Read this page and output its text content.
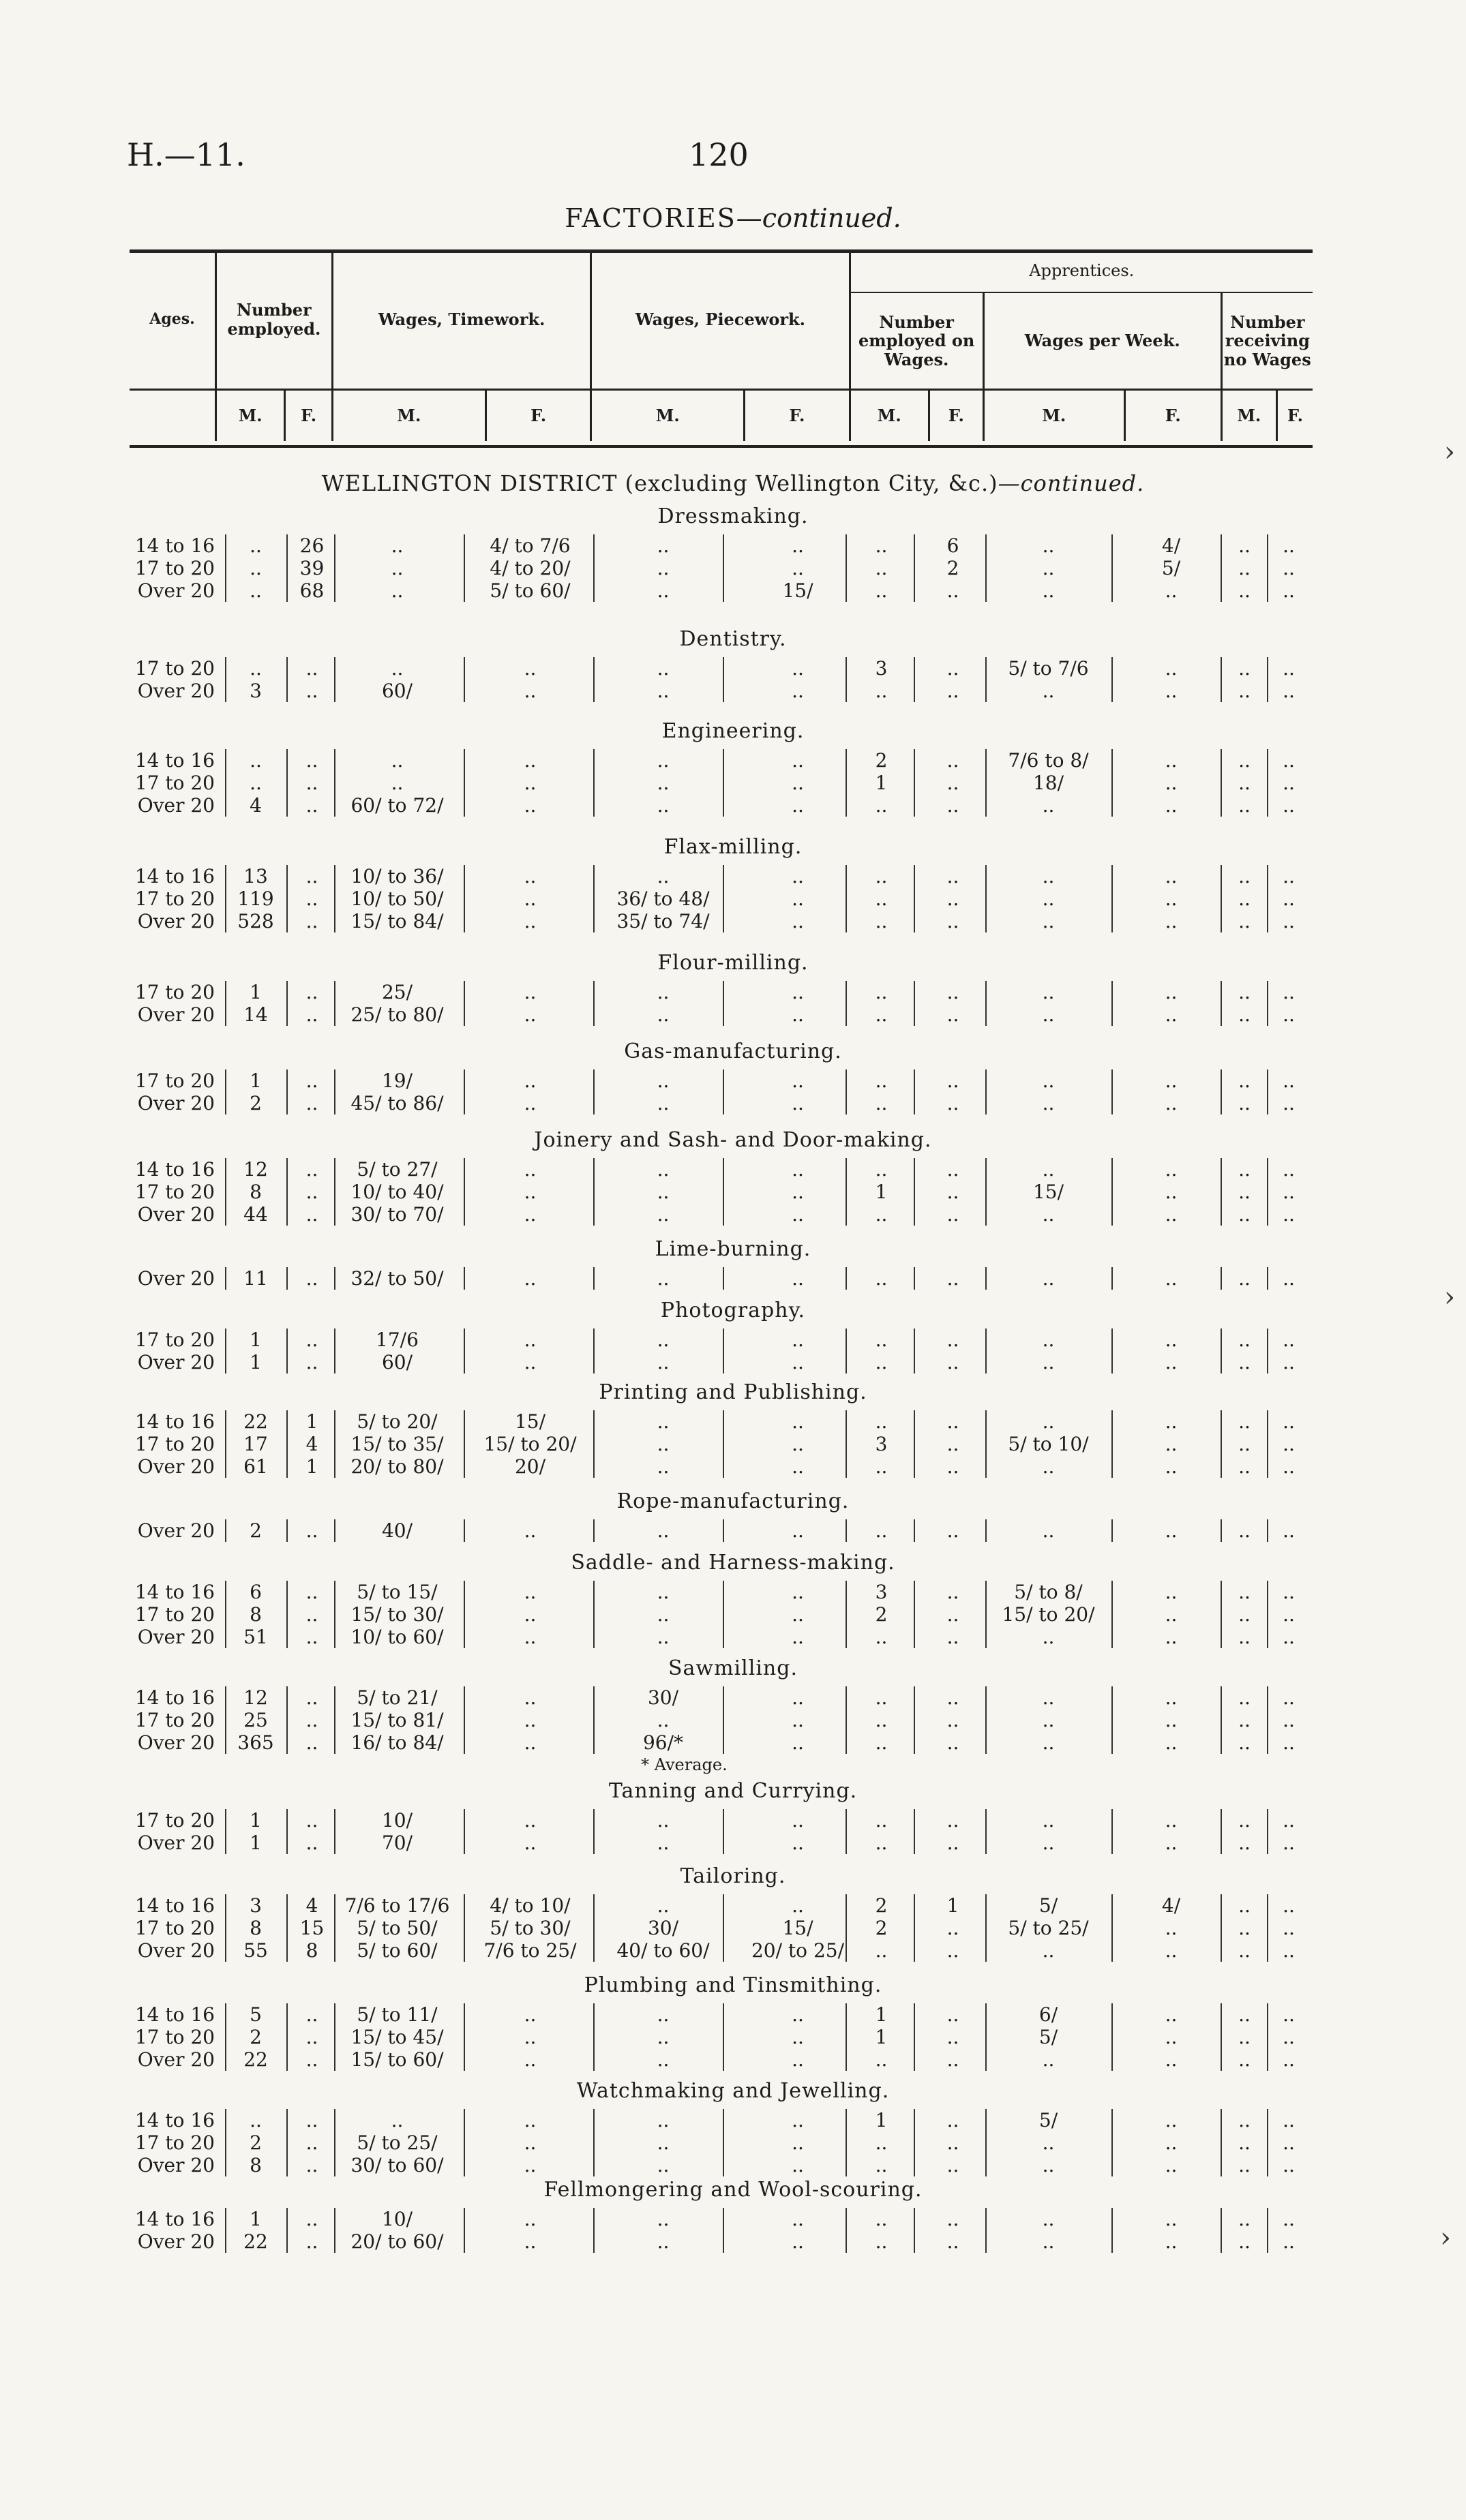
H.—11.	120
FACTORIES—continued.
Ages.	Number employed.		Wages, Timework.		Wages, Piecework.		Apprentices.					
							Number employed on Wages.		Wages per Week.		Number receiving no Wages	
	M.	F.	M.	F.	M.	F.	M.	F.	M.	F.	M.	F.
WELLINGTON DISTRICT (excluding Wellington City, &c.)—continued.
Dressmaking.
14 to 16	..	26	..	4/ to 7/6	..	..	..	6	..	4/	..	..
17 to 20	..	39	..	4/ to 20/	..	..	..	2	..	5/	..	..
Over 20	..	68	..	5/ to 60/	..	15/	..	..	..	..	..	..
Dentistry.
17 to 20	..	..	..	..	..	..	3	..	5/ to 7/6	..	..	..
Over 20	3	..	60/	..	..	..	..	..	..	..	..	..
Engineering.
14 to 16	..	..	..	..	..	..	2	..	7/6 to 8/	..	..	..
17 to 20	..	..	..	..	..	..	1	..	18/	..	..	..
Over 20	4	..	60/ to 72/	..	..	..	..	..	..	..	..	..
Flax-milling.
14 to 16	13	..	10/ to 36/	..	..	..	..	..	..	..	..	..
17 to 20	119	..	10/ to 50/	..	36/ to 48/	..	..	..	..	..	..	..
Over 20	528	..	15/ to 84/	..	35/ to 74/	..	..	..	..	..	..	..
Flour-milling.
17 to 20	1	..	25/	..	..	..	..	..	..	..	..	..
Over 20	14	..	25/ to 80/	..	..	..	..	..	..	..	..	..
Gas-manufacturing.
17 to 20	1	..	19/	..	..	..	..	..	..	..	..	..
Over 20	2	..	45/ to 86/	..	..	..	..	..	..	..	..	..
Joinery and Sash- and Door-making.
14 to 16	12	..	5/ to 27/	..	..	..	..	..	..	..	..	..
17 to 20	8	..	10/ to 40/	..	..	..	1	..	15/	..	..	..
Over 20	44	..	30/ to 70/	..	..	..	..	..	..	..	..	..
Lime-burning.
Over 20	11	..	32/ to 50/	..	..	..	..	..	..	..	..	..
Photography.
17 to 20	1	..	17/6	..	..	..	..	..	..	..	..	..
Over 20	1	..	60/	..	..	..	..	..	..	..	..	..
Printing and Publishing.
14 to 16	22	1	5/ to 20/	15/	..	..	..	..	..	..	..	..
17 to 20	17	4	15/ to 35/	15/ to 20/	..	..	3	..	5/ to 10/	..	..	..
Over 20	61	1	20/ to 80/	20/	..	..	..	..	..	..	..	..
Rope-manufacturing.
Over 20	2	..	40/	..	..	..	..	..	..	..	..	..
Saddle- and Harness-making.
14 to 16	6	..	5/ to 15/	..	..	..	3	..	5/ to 8/	..	..	..
17 to 20	8	..	15/ to 30/	..	..	..	2	..	15/ to 20/	..	..	..
Over 20	51	..	10/ to 60/	..	..	..	..	..	..	..	..	..
Sawmilling.
14 to 16	12	..	5/ to 21/	..	30/	..	..	..	..	..	..	..
17 to 20	25	..	15/ to 81/	..	..	..	..	..	..	..	..	..
Over 20	365	..	16/ to 84/	..	96/*	..	..	..	..	..	..	..
* Average.
Tanning and Currying.
17 to 20	1	..	10/	..	..	..	..	..	..	..	..	..
Over 20	1	..	70/	..	..	..	..	..	..	..	..	..
Tailoring.
14 to 16	3	4	7/6 to 17/6	4/ to 10/	..	..	2	1	5/	4/	..	..
17 to 20	8	15	5/ to 50/	5/ to 30/	30/	15/	2	..	5/ to 25/	..	..	..
Over 20	55	8	5/ to 60/	7/6 to 25/	40/ to 60/	20/ to 25/	..	..	..	..	..	..
Plumbing and Tinsmithing.
14 to 16	5	..	5/ to 11/	..	..	..	1	..	6/	..	..	..
17 to 20	2	..	15/ to 45/	..	..	..	1	..	5/	..	..	..
Over 20	22	..	15/ to 60/	..	..	..	..	..	..	..	..	..
Watchmaking and Jewelling.
14 to 16	..	..	..	..	..	..	1	..	5/	..	..	..
17 to 20	2	..	5/ to 25/	..	..	..	..	..	..	..	..	..
Over 20	8	..	30/ to 60/	..	..	..	..	..	..	..	..	..
Fellmongering and Wool-scouring.
14 to 16	1	..	10/	..	..	..	..	..	..	..	..	..
Over 20	22	..	20/ to 60/	..	..	..	..	..	..	..	..	..
›
›
›
